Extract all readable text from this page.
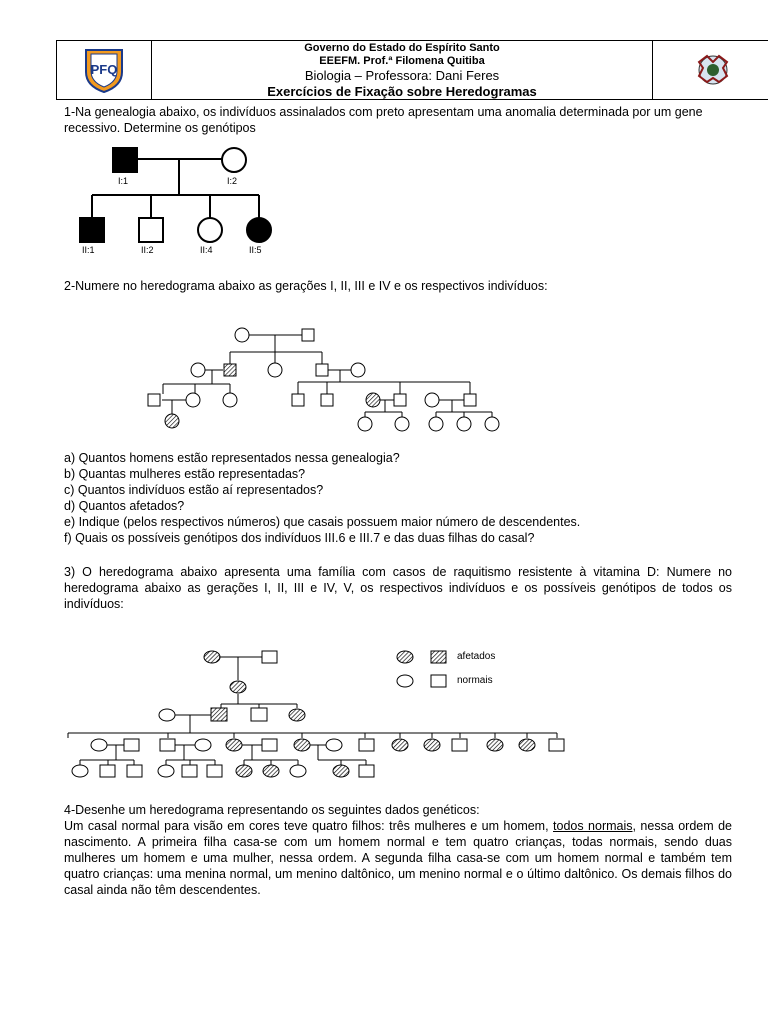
PFQ
Governo do Estado do Espírito Santo
EEEFM. Prof.ª Filomena Quitiba
Biologia – Professora: Dani Feres
Exercícios de Fixação sobre Heredogramas
1-Na genealogia abaixo, os indivíduos assinalados com preto apresentam uma anomalia determinada por um gene recessivo. Determine os genótipos
I:1	I:2
II:1	II:2	II:4	II:5
2-Numere no heredograma abaixo as gerações I, II, III e IV e os respectivos indivíduos:
a) Quantos homens estão representados nessa genealogia?
b) Quantas mulheres estão representadas?
c) Quantos indivíduos estão aí representados?
d) Quantos afetados?
e) Indique (pelos respectivos números) que casais possuem maior número de descendentes.
f) Quais os possíveis genótipos dos indivíduos III.6 e III.7 e das duas filhas do casal?
3) O heredograma abaixo apresenta uma família com casos de raquitismo resistente à vitamina D: Numere no heredograma abaixo as gerações I, II, III e IV, V, os respectivos indivíduos e os possíveis genótipos de todos os indivíduos:
afetados
normais
4-Desenhe um heredograma representando os seguintes dados genéticos:
Um casal normal para visão em cores teve quatro filhos: três mulheres e um homem, todos normais, nessa ordem de nascimento. A primeira filha casa-se com um homem normal e tem quatro crianças, todas normais, sendo duas mulheres um homem e uma mulher, nessa ordem. A segunda filha casa-se com um homem normal e também tem quatro crianças: uma menina normal, um menino daltônico, um menino normal e o último daltônico. Os demais filhos do casal ainda não têm descendentes.
